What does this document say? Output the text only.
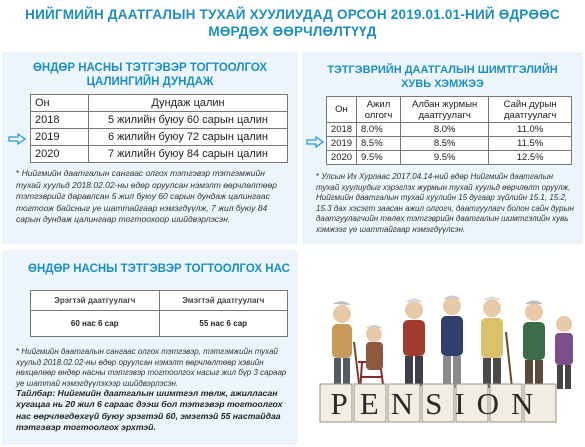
НИЙГМИЙН ДААТГАЛЫН ТУХАЙ ХУУЛИУДАД ОРСОН 2019.01.01-НИЙ ӨДРӨӨС
МӨРДӨХ ӨӨРЧЛӨЛТҮҮД
ӨНДӨР НАСНЫ ТЭТГЭВЭР ТОГТООЛГОХ
ЦАЛИНГИЙН ДУНДАЖ
Он	Дундаж цалин
2018	5 жилийн буюу 60 сарын цалин
2019	6 жилийн буюу 72 сарын цалин
2020	7 жилийн буюу 84 сарын цалин
* Нийгмийн даатгалын сангаас олгох тэтгэвэр тэтгэмжийн тухай хуульд 2018.02.02-ны өдөр оруулсан нэмэлт өөрчлөлтөөр тэтгэврийг даравлсан 5 жил буюу 60 сарын дундаж цалингаас тогтоож байсныг уе шаттайгаар нэмэгдүүлж, 7 жил буюу 84 сарын дундаж цалингаар тогтоохоор шийдвэрлэсэн.
ТЭТГЭВРИЙН ДААТГАЛЫН ШИМТГЭЛИЙН
ХУВЬ ХЭМЖЭЭ
Он	Ажил олгогч	Албан журмын даатгуулагч	Сайн дурын даатгуулагч
2018	8.0%	8.0%	11.0%
2019	8.5%	8.5%	11.5%
2020	9.5%	9.5%	12.5%
* Улсын Их Хурлаас 2017.04.14-ний өдөр Нийгмийн даатгалын тухай хуулиудыг хэрэглэх журмын тухай хуульд өөрчлөлт оруулж, Нийгмийн даатгалын тухай хуулийн 15 дугаар зүйлийн 15.1, 15.2, 15.3 дах хэсэгт заасан ажил олгогч, даатгуулагч болон сайн дурын даатгуулагчийн төлөх тэтгэврийн даатгалын шимтгэлийн хувь хэмжээг үе шаттайгаар нэмэгдүүлсэн.
ӨНДӨР НАСНЫ ТЭТГЭВЭР ТОГТООЛГОХ НАС
Эрэгтэй даатгуулагч	Эмэгтэй даатгуулагч
60 нас 6 сар	55 нас 6 сар
* Нийгмийн даатгалын сангаас олгох тэтгэвэр, тэтгэмжийн тухай хуульд 2018.02.02-ны өдөр оруулсан нэмэлт өөрчлөлтөөр хэвийн нөхцөлөөр өндөр насны тэтгэвэр тогтоолгох насыг жил бүр 3 сараар уе шаттай нэмэгдүүлэхээр шийдвэрлэсэн.
Тайлбар: Нийгмийн даатгалын шимтгэл төлж, ажилласан хугацаа нь 20 жил 6 сараас дээш бол тэтгэвэр тогтоолгох нас өөрчлөгдөхгүй буюу эрэгтэй 60, эмэгтэй 55 настайдаа тэтгэвэр тогтоолгох эрхтэй.
PENSION
